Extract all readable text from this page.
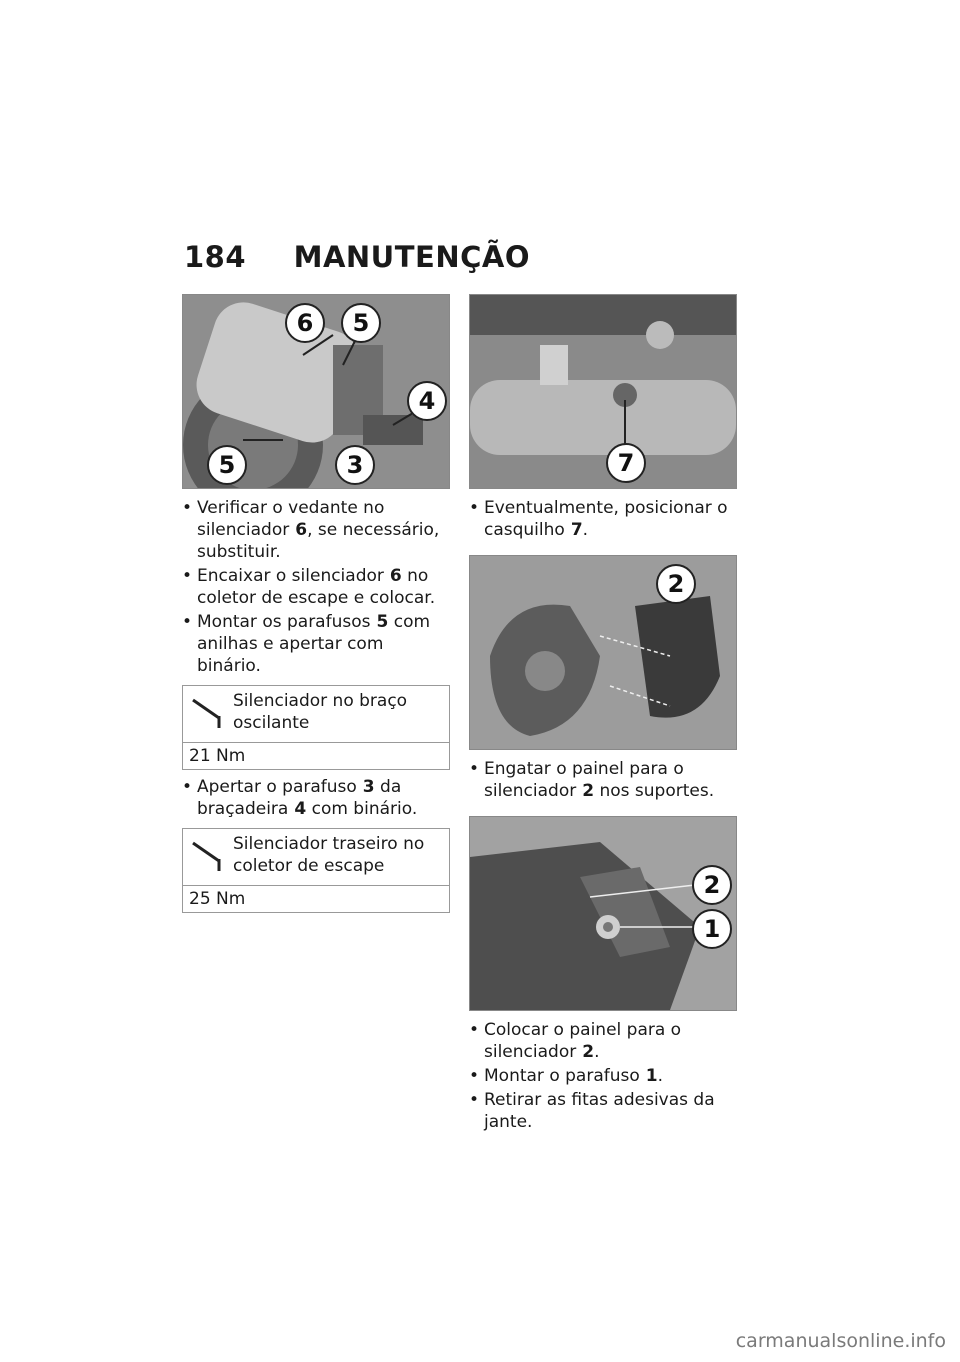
184 MANUTENÇÃO
6	5
4
5	3
• Verificar o vedante no silenciador 6, se necessário, substituir.
• Encaixar o silenciador 6 no coletor de escape e colocar.
• Montar os parafusos 5 com anilhas e apertar com binário.
Silenciador no braço oscilante
21 Nm
• Apertar o parafuso 3 da braçadeira 4 com binário.
Silenciador traseiro no coletor de escape
25 Nm
7
• Eventualmente, posicionar o casquilho 7.
2
• Engatar o painel para o silenciador 2 nos suportes.
2
1
• Colocar o painel para o silenciador 2.
• Montar o parafuso 1.
• Retirar as fitas adesivas da jante.
carmanualsonline.info
